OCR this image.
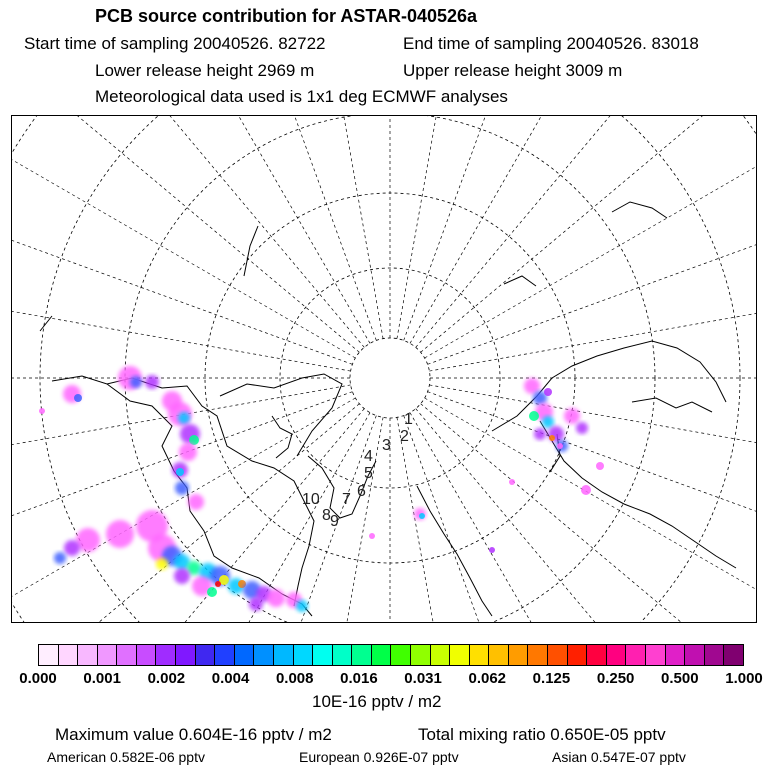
PCB source contribution for ASTAR-040526a
Start time of sampling 20040526. 82722	End time of sampling 20040526. 83018
Lower release height 2969 m	Upper release height 3009 m
Meteorological data used is 1x1 deg ECMWF analyses
1
2
3
4
5
6
7
8 9
10
0.000 0.001 0.002 0.004 0.008 0.016 0.031 0.062 0.125 0.250 0.500 1.000
10E-16 pptv / m2
Maximum value 0.604E-16 pptv / m2	Total mixing ratio 0.650E-05 pptv
American 0.582E-06 pptv	European 0.926E-07 pptv	Asian 0.547E-07 pptv
